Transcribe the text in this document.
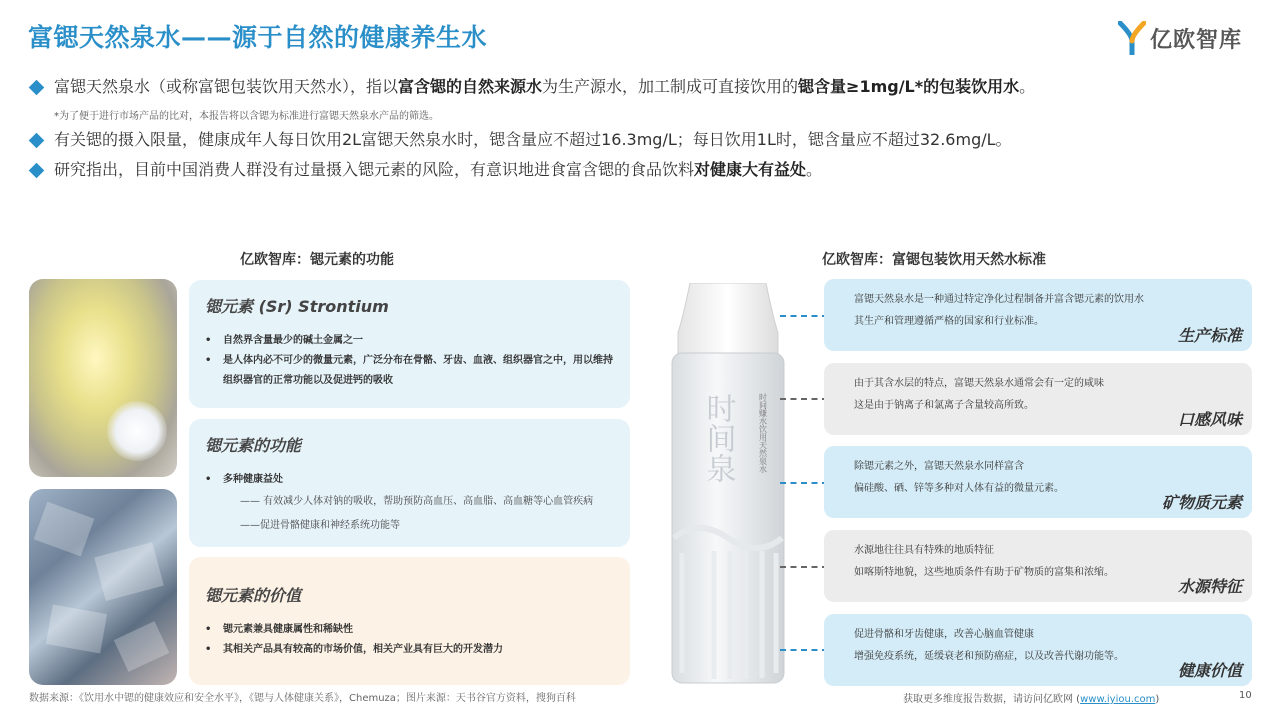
富锶天然泉水——源于自然的健康养生水	亿欧智库
富锶天然泉水（或称富锶包装饮用天然水），指以富含锶的自然来源水为生产源水，加工制成可直接饮用的锶含量≥1mg/L*的包装饮用水。
*为了便于进行市场产品的比对，本报告将以含锶为标准进行富锶天然泉水产品的筛选。
有关锶的摄入限量，健康成年人每日饮用2L富锶天然泉水时，锶含量应不超过16.3mg/L；每日饮用1L时，锶含量应不超过32.6mg/L。
研究指出，目前中国消费人群没有过量摄入锶元素的风险，有意识地进食富含锶的食品饮料对健康大有益处。
亿欧智库：锶元素的功能	亿欧智库：富锶包装饮用天然水标准
锶元素 (Sr) Strontium
• 自然界含量最少的碱土金属之一
• 是人体内必不可少的微量元素，广泛分布在骨骼、牙齿、血液、组织器官之中，用以维持组织器官的正常功能以及促进钙的吸收
锶元素的功能
• 多种健康益处
—— 有效减少人体对钠的吸收，帮助预防高血压、高血脂、高血糖等心血管疾病
——促进骨骼健康和神经系统功能等
锶元素的价值
• 锶元素兼具健康属性和稀缺性
• 其相关产品具有较高的市场价值，相关产业具有巨大的开发潜力
时间泉	时间赚水饮用天然泉水
富锶天然泉水是一种通过特定净化过程制备并富含锶元素的饮用水
其生产和管理遵循严格的国家和行业标准。
生产标准
由于其含水层的特点，富锶天然泉水通常会有一定的咸味
这是由于钠离子和氯离子含量较高所致。
口感风味
除锶元素之外，富锶天然泉水同样富含
偏硅酸、硒、锌等多种对人体有益的微量元素。
矿物质元素
水源地往往具有特殊的地质特征
如喀斯特地貌，这些地质条件有助于矿物质的富集和浓缩。
水源特征
促进骨骼和牙齿健康，改善心脑血管健康
增强免疫系统，延缓衰老和预防癌症，以及改善代谢功能等。
健康价值
数据来源：《饮用水中锶的健康效应和安全水平》，《锶与人体健康关系》，Chemuza；图片来源：天书谷官方资料，搜狗百科	获取更多维度报告数据，请访问亿欧网 (www.iyiou.com)	10
